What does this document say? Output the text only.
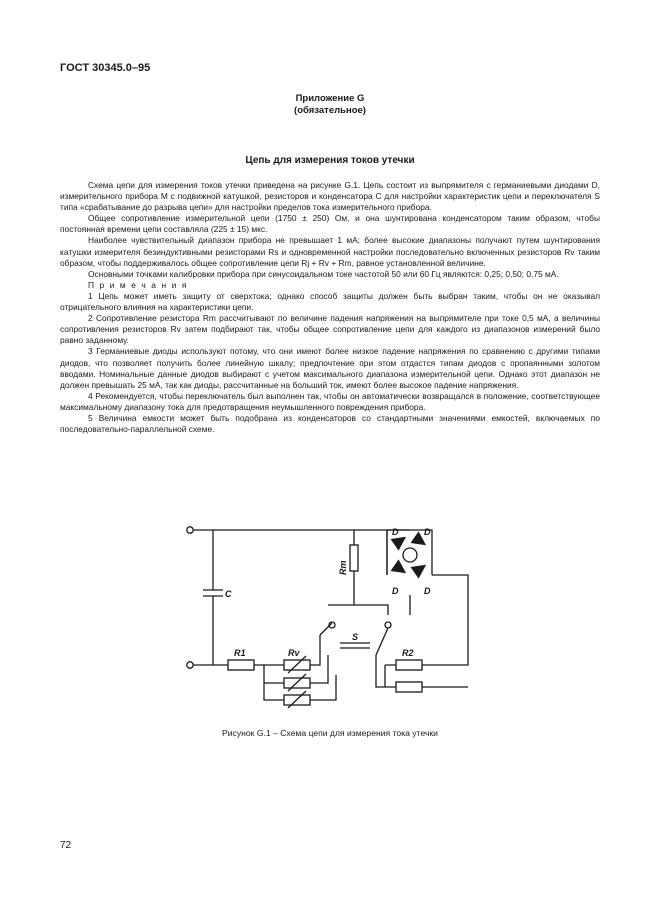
ГОСТ 30345.0–95
Приложение G
(обязательное)
Цепь для измерения токов утечки

Схема цепи для измерения токов утечки приведена на рисунке G.1. Цепь состоит из выпрямителя с германиевыми диодами D, измерительного прибора M с подвижной катушкой, резисторов и конденсатора C для настройки характеристик цепи и переключателя S типа «срабатывание до разрыва цепи» для настройки пределов тока измерительного прибора.

Общее сопротивление измерительной цепи (1750 ± 250) Ом, и она шунтирована конденсатором таким образом, чтобы постоянная времени цепи составляла (225 ± 15) мкс.

Наиболее чувствительный диапазон прибора не превышает 1 мА; более высокие диапазоны получают путем шунтирования катушки измерителя безиндуктивными резисторами Rs и одновременной настройки последовательно включенных резисторов Rv таким образом, чтобы поддерживалось общее сопротивление цепи Rj + Rv + Rm, равное установленной величине.

Основными точками калибровки прибора при синусоидальном токе частотой 50 или 60 Гц являются: 0,25; 0,50; 0,75 мА.

П р и м е ч а н и я

1 Цепь может иметь защиту от сверхтока; однако способ защиты должен быть выбран таким, чтобы он не оказывал отрицательного влияния на характеристики цепи.

2 Сопротивление резистора Rm рассчитывают по величине падения напряжения на выпрямителе при токе 0,5 мА, а величины сопротивления резисторов Rv затем подбирают так, чтобы общее сопротивление цепи для каждого из диапазонов измерений было равно заданному.

3 Германиевые диоды используют потому, что они имеют более низкое падение напряжения по сравнению с другими типами диодов, что позволяет получить более линейную шкалу; предпочтение при этом отдастся типам диодов с пропаянными золотом вводами. Номинальные данные диодов выбирают с учетом максимального диапазона измерительной цепи. Однако этот диапазон не должен превышать 25 мА, так как диоды, рассчитанные на больший ток, имеют более высокое падение напряжения.

4 Рекомендуется, чтобы переключатель был выполнен так, чтобы он автоматически возвращался в положение, соответствующее максимальному диапазону тока для предотвращения неумышленного повреждения прибора.

5 Величина емкости может быть подобрана из конденсаторов со стандартными значениями емкостей, включаемых по последовательно-параллельной схеме.

C
R1	Rv
S
R2
Rm
D	D
D	D
Рисунок G.1 – Схема цепи для измерения тока утечки
72
